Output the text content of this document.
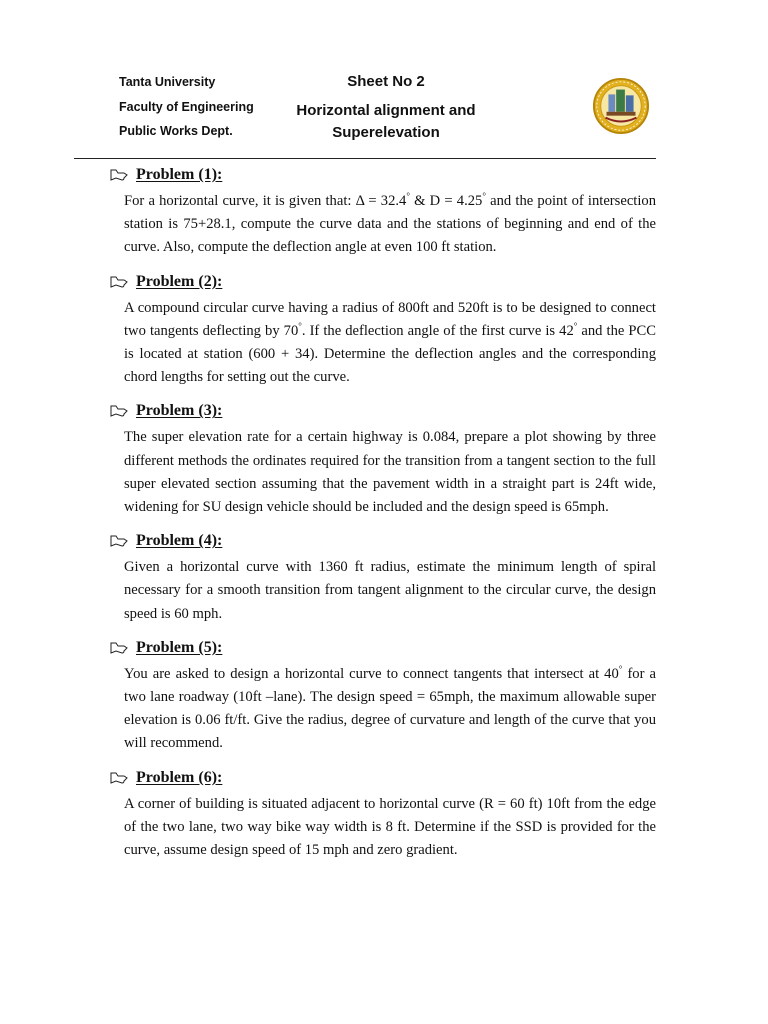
Tanta University
Faculty of Engineering
Public Works Dept.
Sheet No 2
Horizontal alignment and
Superelevation
Problem (1):
For a horizontal curve, it is given that: Δ = 32.4° & D = 4.25° and the point of intersection station is 75+28.1, compute the curve data and the stations of beginning and end of the curve. Also, compute the deflection angle at even 100 ft station.
Problem (2):
A compound circular curve having a radius of 800ft and 520ft is to be designed to connect two tangents deflecting by 70°. If the deflection angle of the first curve is 42° and the PCC is located at station (600 + 34). Determine the deflection angles and the corresponding chord lengths for setting out the curve.
Problem (3):
The super elevation rate for a certain highway is 0.084, prepare a plot showing by three different methods the ordinates required for the transition from a tangent section to the full super elevated section assuming that the pavement width in a straight part is 24ft wide, widening for SU design vehicle should be included and the design speed is 65mph.
Problem (4):
Given a horizontal curve with 1360 ft radius, estimate the minimum length of spiral necessary for a smooth transition from tangent alignment to the circular curve, the design speed is 60 mph.
Problem (5):
You are asked to design a horizontal curve to connect tangents that intersect at 40° for a two lane roadway (10ft –lane). The design speed = 65mph, the maximum allowable super elevation is 0.06 ft/ft. Give the radius, degree of curvature and length of the curve that you will recommend.
Problem (6):
A corner of building is situated adjacent to horizontal curve (R = 60 ft) 10ft from the edge of the two lane, two way bike way width is 8 ft. Determine if the SSD is provided for the curve, assume design speed of 15 mph and zero gradient.
